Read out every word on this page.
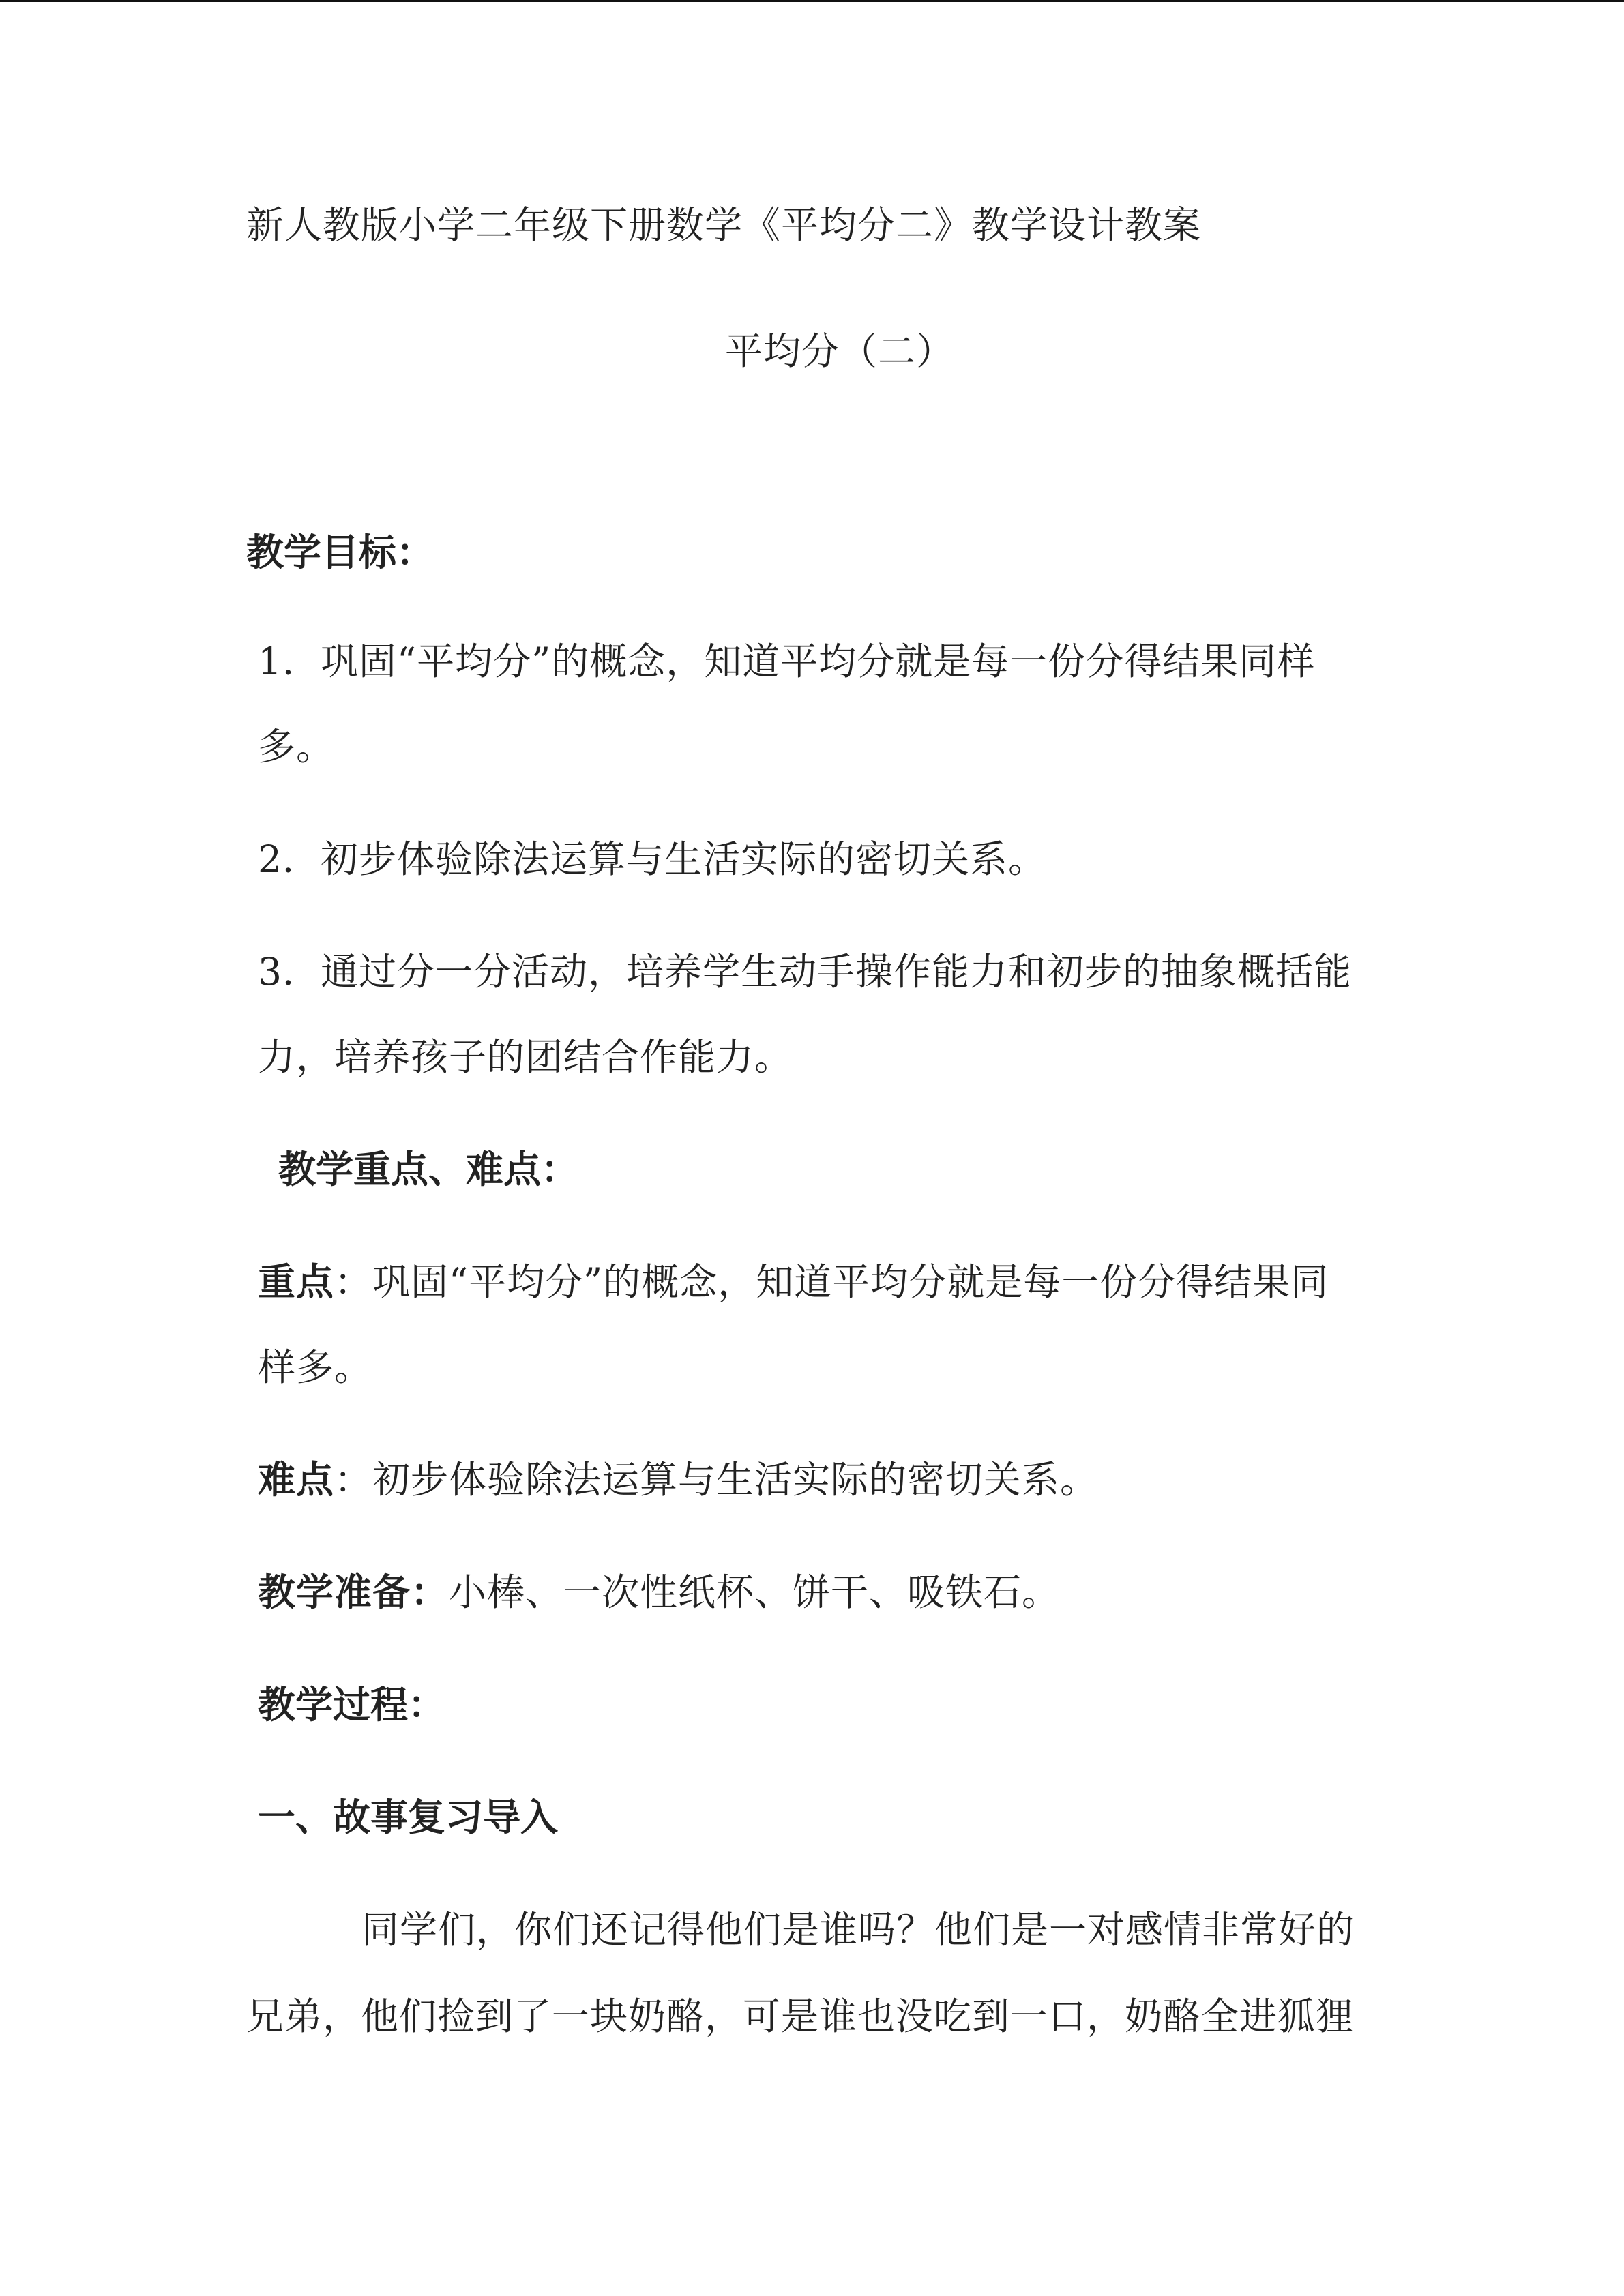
新人教版小学二年级下册数学《平均分二》教学设计教案
平均分（二）
教学目标：
1．巩固“平均分”的概念，知道平均分就是每一份分得结果同样
多。
2．初步体验除法运算与生活实际的密切关系。
3．通过分一分活动，培养学生动手操作能力和初步的抽象概括能
力，培养孩子的团结合作能力。
教学重点、难点：
重点：巩固“平均分”的概念，知道平均分就是每一份分得结果同
样多。
难点：初步体验除法运算与生活实际的密切关系。
教学准备：小棒、一次性纸杯、饼干、吸铁石。
教学过程：
一、故事复习导入
同学们，你们还记得他们是谁吗？他们是一对感情非常好的
兄弟，他们捡到了一块奶酪，可是谁也没吃到一口，奶酪全进狐狸
